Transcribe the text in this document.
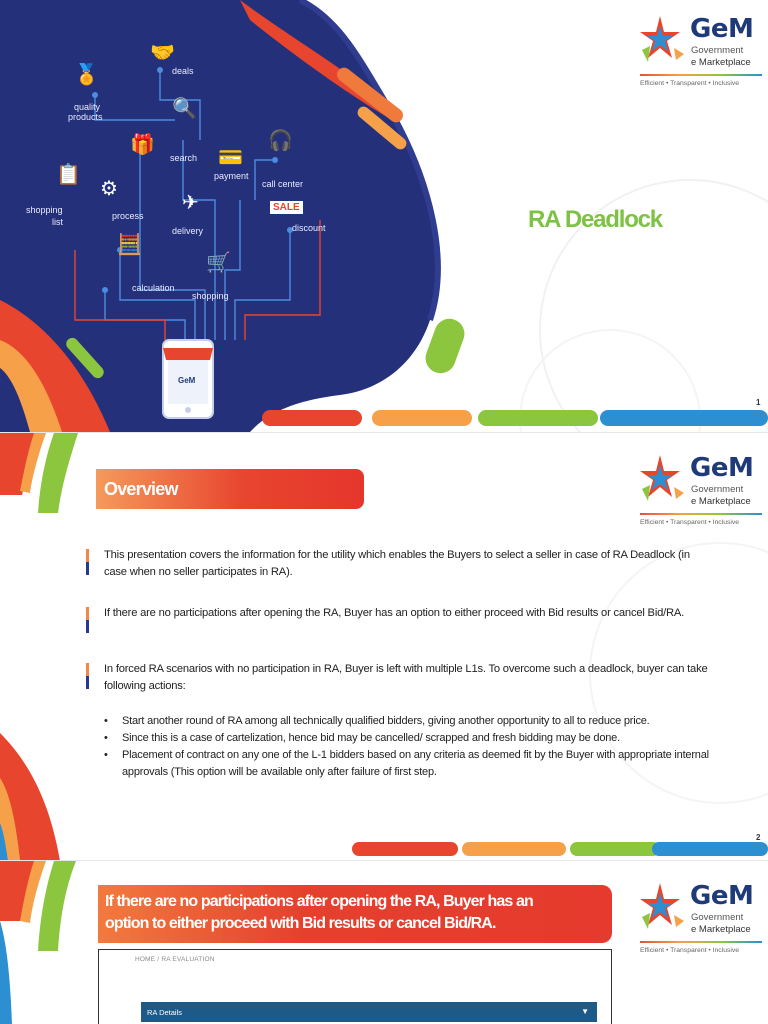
🤝
deals
🏅
quality
products	🔍
search
🎁
💳
payment
🎧
call center
📋
shopping
list
⚙
process
✈
delivery
SALE
discount
🧮
calculation
🛒
shopping
GeM
GeM
Government
e Marketplace
Efficient • Transparent • Inclusive
RA Deadlock
1
GeM
Government
e Marketplace
Efficient • Transparent • Inclusive
Overview

This presentation covers the information for the utility which enables the Buyers to select a seller in case of RA Deadlock (in case when no seller participates in RA).

If there are no participations after opening the RA, Buyer has an option to either proceed with Bid results or cancel Bid/RA.

In forced RA scenarios with no participation in RA, Buyer is left with multiple L1s. To overcome such a deadlock, buyer can take following actions:

• Start another round of RA among all technically qualified bidders, giving another opportunity to all to reduce price.
• Since this is a case of cartelization, hence bid may be cancelled/ scrapped and fresh bidding may be done.
• Placement of contract on any one of the L-1 bidders based on any criteria as deemed fit by the Buyer with appropriate internal approvals (This option will be available only after failure of first step.
2
GeM
Government
e Marketplace
Efficient • Transparent • Inclusive
If there are no participations after opening the RA, Buyer has an
option to either proceed with Bid results or cancel Bid/RA.
HOME / RA EVALUATION
RA Details	▼
